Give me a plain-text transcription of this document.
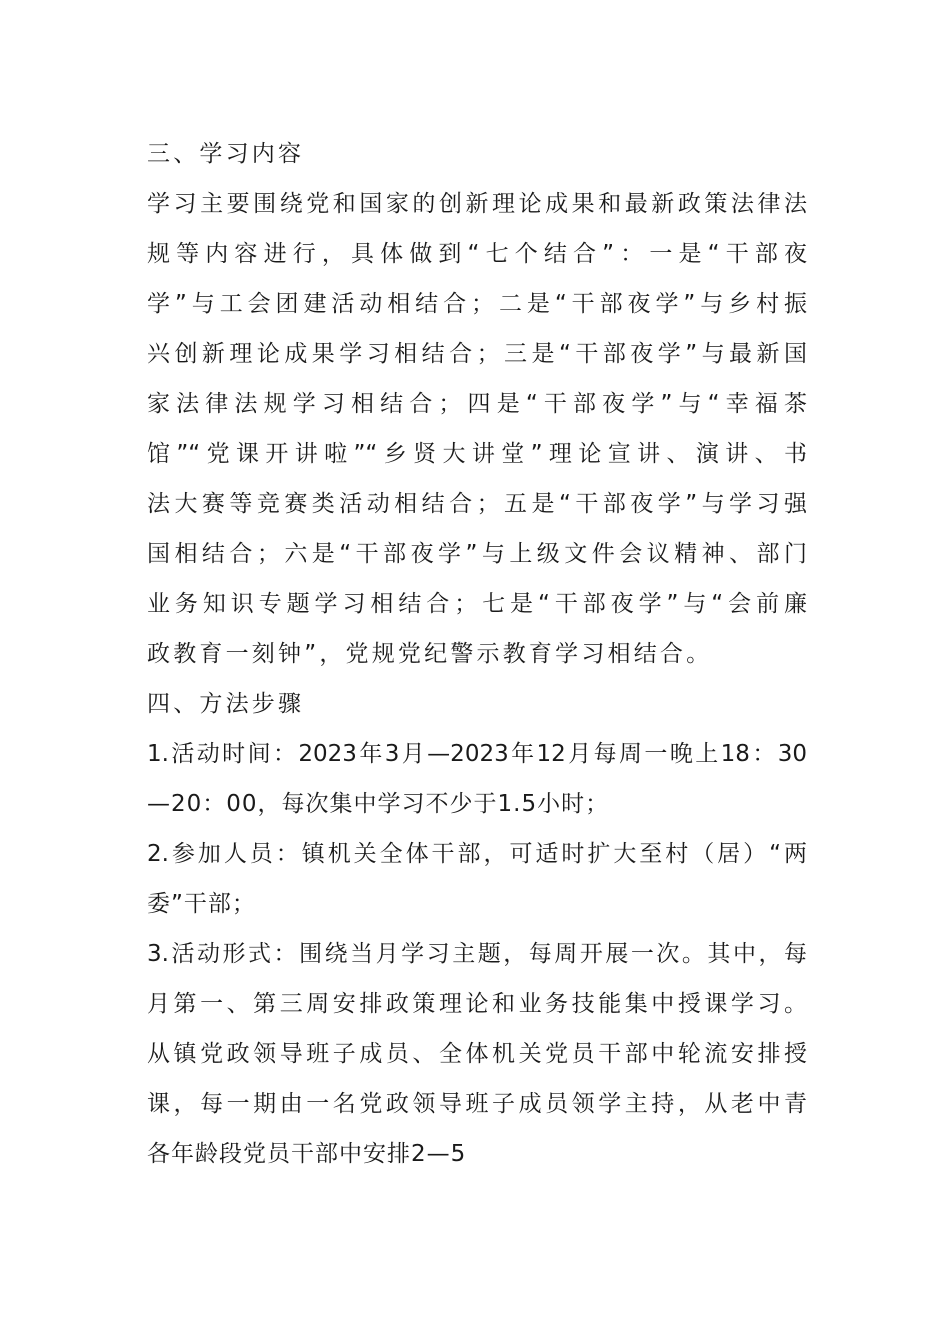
三、学习内容
学习主要围绕党和国家的创新理论成果和最新政策法律法
规等内容进行，具体做到“七个结合”：一是“干部夜
学”与工会团建活动相结合；二是“干部夜学”与乡村振
兴创新理论成果学习相结合；三是“干部夜学”与最新国
家法律法规学习相结合；四是“干部夜学”与“幸福茶
馆”“党课开讲啦”“乡贤大讲堂”理论宣讲、演讲、书
法大赛等竞赛类活动相结合；五是“干部夜学”与学习强
国相结合；六是“干部夜学”与上级文件会议精神、部门
业务知识专题学习相结合；七是“干部夜学”与“会前廉
政教育一刻钟”，党规党纪警示教育学习相结合。
四、方法步骤
1.活动时间：2023年3月—2023年12月每周一晚上18：30
—20：00，每次集中学习不少于1.5小时；
2.参加人员：镇机关全体干部，可适时扩大至村（居）“两
委”干部；
3.活动形式：围绕当月学习主题，每周开展一次。其中，每
月第一、第三周安排政策理论和业务技能集中授课学习。
从镇党政领导班子成员、全体机关党员干部中轮流安排授
课，每一期由一名党政领导班子成员领学主持，从老中青
各年龄段党员干部中安排2—5
